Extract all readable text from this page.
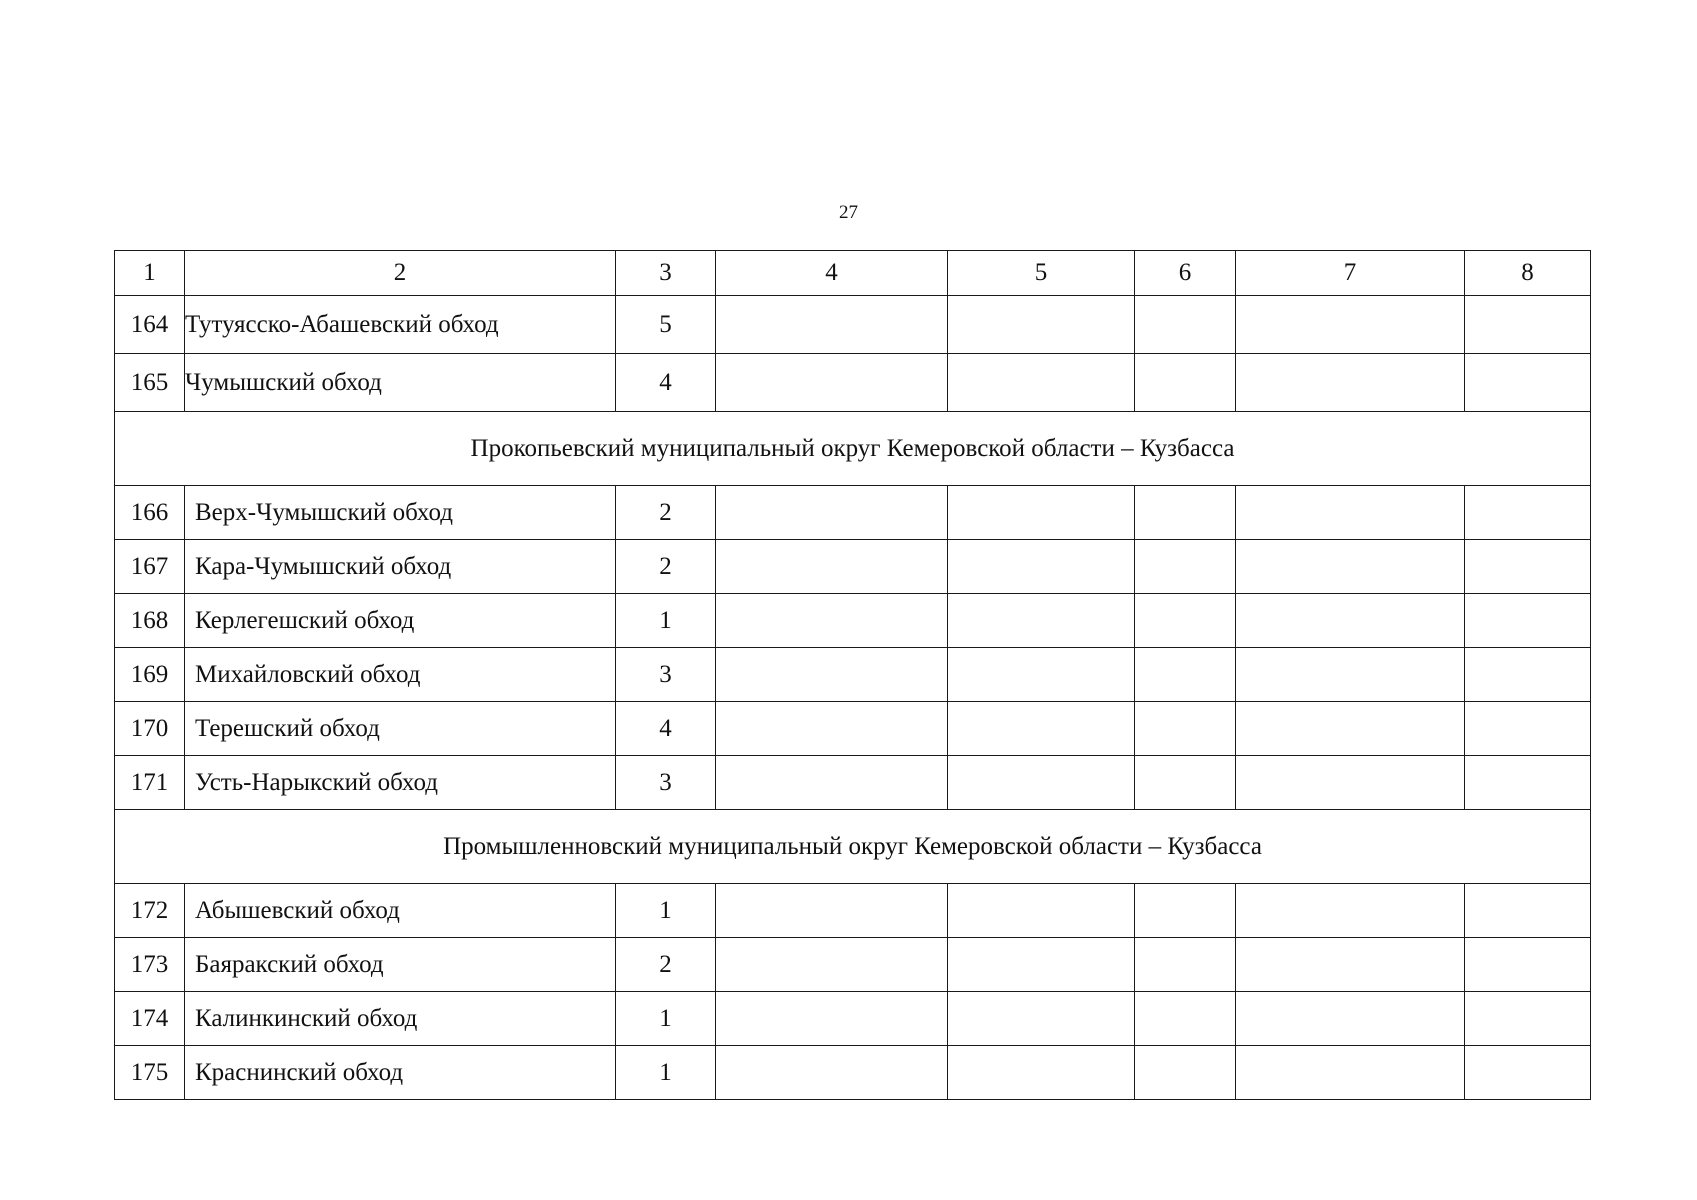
27
1	2	3	4	5	6	7	8
164	Тутуясско-Абашевский обход	5					
165	Чумышский обход	4					
Прокопьевский муниципальный округ Кемеровской области – Кузбасса							
166	Верх-Чумышский обход	2					
167	Кара-Чумышский обход	2					
168	Керлегешский обход	1					
169	Михайловский обход	3					
170	Терешский обход	4					
171	Усть-Нарыкский обход	3					
Промышленновский муниципальный округ Кемеровской области – Кузбасса							
172	Абышевский обход	1					
173	Баяракский обход	2					
174	Калинкинский обход	1					
175	Краснинский обход	1					
